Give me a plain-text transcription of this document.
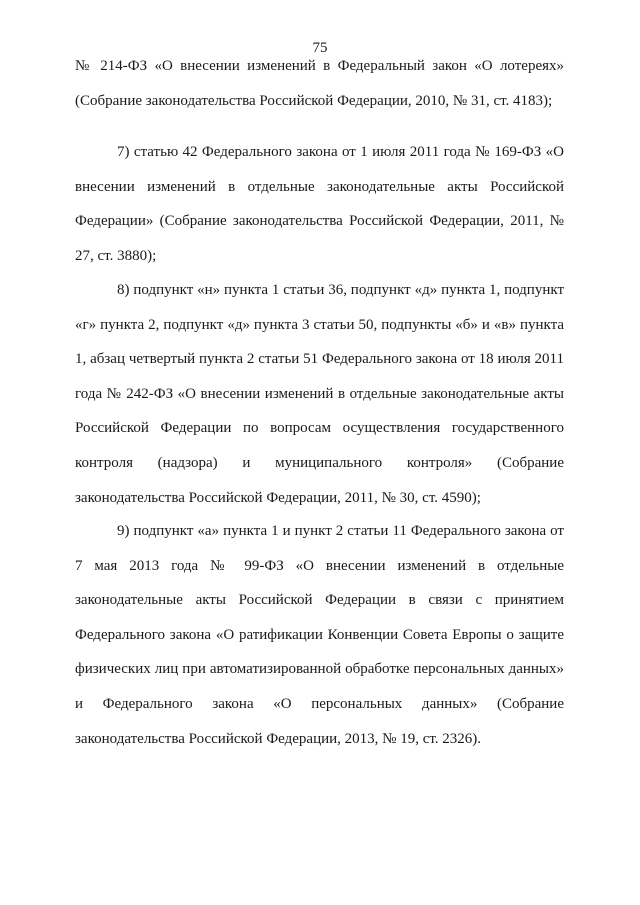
75

№ 214-ФЗ «О внесении изменений в Федеральный закон «О лотереях» (Собрание законодательства Российской Федерации, 2010, № 31, ст. 4183);

7) статью 42 Федерального закона от 1 июля 2011 года № 169-ФЗ «О внесении изменений в отдельные законодательные акты Российской Федерации» (Собрание законодательства Российской Федерации, 2011, № 27, ст. 3880);

8) подпункт «н» пункта 1 статьи 36, подпункт «д» пункта 1, подпункт «г» пункта 2, подпункт «д» пункта 3 статьи 50, подпункты «б» и «в» пункта 1, абзац четвертый пункта 2 статьи 51 Федерального закона от 18 июля 2011 года № 242-ФЗ «О внесении изменений в отдельные законодательные акты Российской Федерации по вопросам осуществления государственного контроля (надзора) и муниципального контроля» (Собрание законодательства Российской Федерации, 2011, № 30, ст. 4590);

9) подпункт «а» пункта 1 и пункт 2 статьи 11 Федерального закона от 7 мая 2013 года № 99-ФЗ «О внесении изменений в отдельные законодательные акты Российской Федерации в связи с принятием Федерального закона «О ратификации Конвенции Совета Европы о защите физических лиц при автоматизированной обработке персональных данных» и Федерального закона «О персональных данных» (Собрание законодательства Российской Федерации, 2013, № 19, ст. 2326).
